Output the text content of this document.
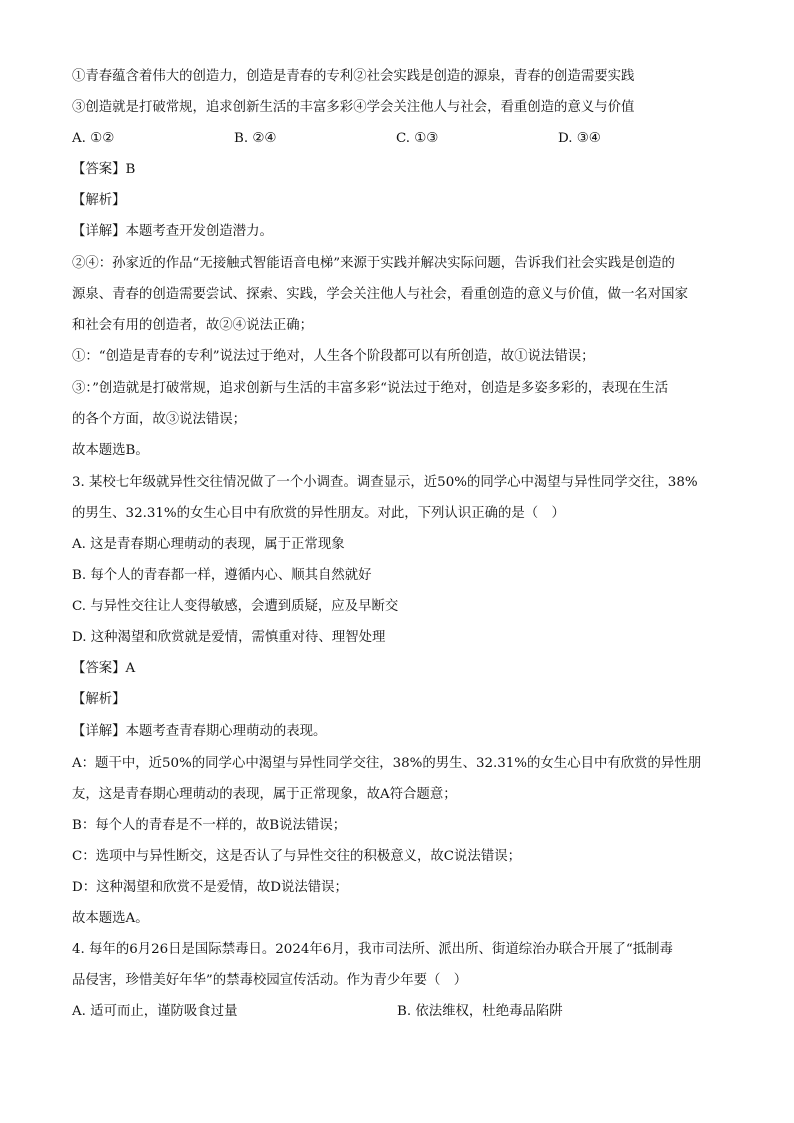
①青春蕴含着伟大的创造力，创造是青春的专利②社会实践是创造的源泉，青春的创造需要实践
③创造就是打破常规，追求创新生活的丰富多彩④学会关注他人与社会，看重创造的意义与价值
A. ①②	B. ②④	C. ①③	D. ③④
【答案】B
【解析】
【详解】本题考查开发创造潜力。
②④：孙家近的作品“无接触式智能语音电梯”来源于实践并解决实际问题，告诉我们社会实践是创造的
源泉、青春的创造需要尝试、探索、实践，学会关注他人与社会，看重创造的意义与价值，做一名对国家
和社会有用的创造者，故②④说法正确；
①：“创造是青春的专利”说法过于绝对，人生各个阶段都可以有所创造，故①说法错误；
③：”创造就是打破常规，追求创新与生活的丰富多彩“说法过于绝对，创造是多姿多彩的，表现在生活
的各个方面，故③说法错误；
故本题选B。
3. 某校七年级就异性交往情况做了一个小调查。调查显示，近50%的同学心中渴望与异性同学交往，38%
的男生、32.31%的女生心目中有欣赏的异性朋友。对此，下列认识正确的是（　）
A. 这是青春期心理萌动的表现，属于正常现象
B. 每个人的青春都一样，遵循内心、顺其自然就好
C. 与异性交往让人变得敏感，会遭到质疑，应及早断交
D. 这种渴望和欣赏就是爱情，需慎重对待、理智处理
【答案】A
【解析】
【详解】本题考查青春期心理萌动的表现。
A：题干中，近50%的同学心中渴望与异性同学交往，38%的男生、32.31%的女生心目中有欣赏的异性朋
友，这是青春期心理萌动的表现，属于正常现象，故A符合题意；
B：每个人的青春是不一样的，故B说法错误；
C：选项中与异性断交，这是否认了与异性交往的积极意义，故C说法错误；
D：这种渴望和欣赏不是爱情，故D说法错误；
故本题选A。
4. 每年的6月26日是国际禁毒日。2024年6月，我市司法所、派出所、街道综治办联合开展了“抵制毒
品侵害，珍惜美好年华”的禁毒校园宣传活动。作为青少年要（　）
A. 适可而止，谨防吸食过量	B. 依法维权，杜绝毒品陷阱
